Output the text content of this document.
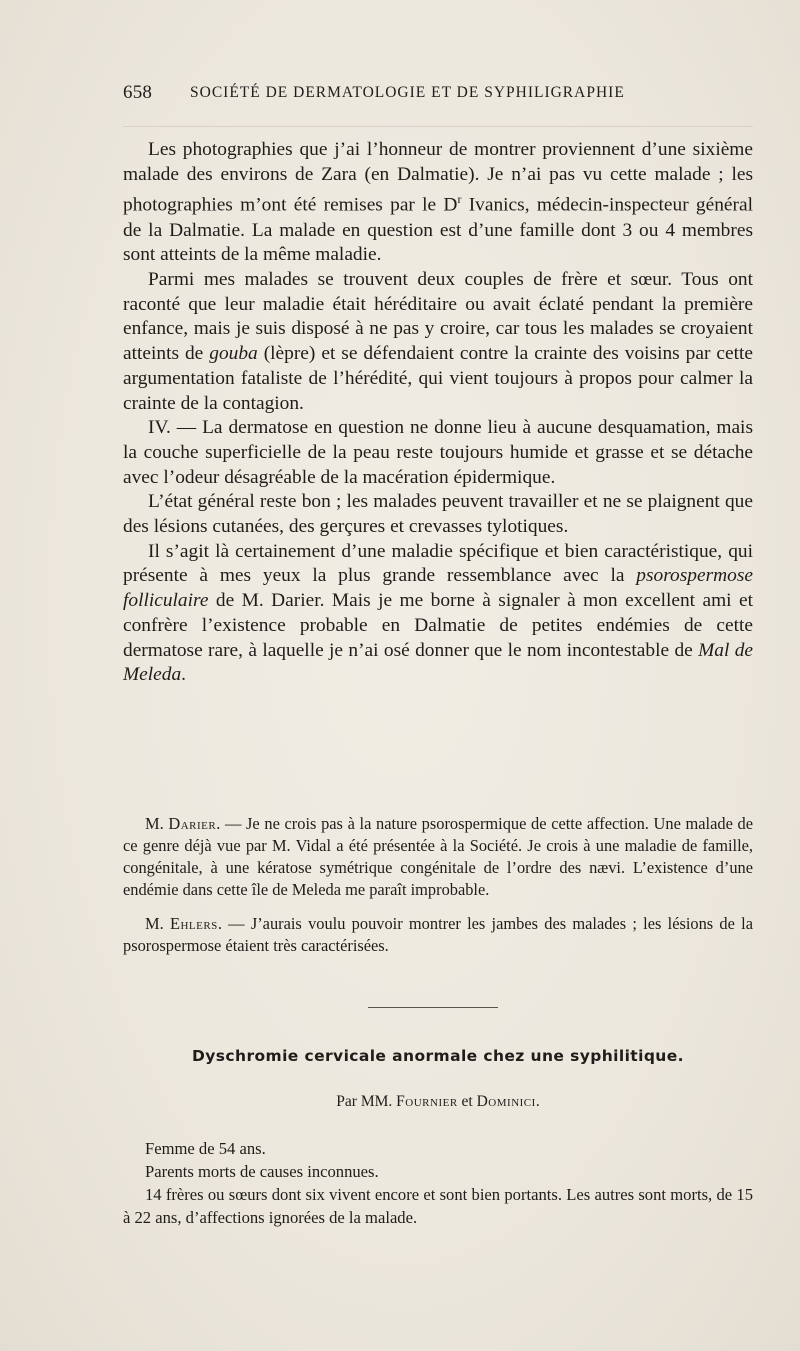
658 SOCIÉTÉ DE DERMATOLOGIE ET DE SYPHILIGRAPHIE

Les photographies que j’ai l’honneur de montrer proviennent d’une sixième malade des environs de Zara (en Dalmatie). Je n’ai pas vu cette malade ; les photographies m’ont été remises par le $D^r$ Ivanics, médecin-inspecteur général de la Dalmatie. La malade en question est d’une famille dont 3 ou 4 membres sont atteints de la même maladie.

Parmi mes malades se trouvent deux couples de frère et sœur. Tous ont raconté que leur maladie était héréditaire ou avait éclaté pendant la première enfance, mais je suis disposé à ne pas y croire, car tous les malades se croyaient atteints de gouba (lèpre) et se défendaient contre la crainte des voisins par cette argumentation fataliste de l’hérédité, qui vient toujours à propos pour calmer la crainte de la contagion.

IV. — La dermatose en question ne donne lieu à aucune desquamation, mais la couche superficielle de la peau reste toujours humide et grasse et se détache avec l’odeur désagréable de la macération épidermique.

L’état général reste bon ; les malades peuvent travailler et ne se plaignent que des lésions cutanées, des gerçures et crevasses tylotiques.

Il s’agit là certainement d’une maladie spécifique et bien caractéristique, qui présente à mes yeux la plus grande ressemblance avec la psorospermose folliculaire de M. Darier. Mais je me borne à signaler à mon excellent ami et confrère l’existence probable en Dalmatie de petites endémies de cette dermatose rare, à laquelle je n’ai osé donner que le nom incontestable de Mal de Meleda.

M. Darier. — Je ne crois pas à la nature psorospermique de cette affection. Une malade de ce genre déjà vue par M. Vidal a été présentée à la Société. Je crois à une maladie de famille, congénitale, à une kératose symétrique congénitale de l’ordre des nævi. L’existence d’une endémie dans cette île de Meleda me paraît improbable.

M. Ehlers. — J’aurais voulu pouvoir montrer les jambes des malades ; les lésions de la psorospermose étaient très caractérisées.

Dyschromie cervicale anormale chez une syphilitique.
Par MM. Fournier et Dominici.

Femme de 54 ans.

Parents morts de causes inconnues.

14 frères ou sœurs dont six vivent encore et sont bien portants. Les autres sont morts, de 15 à 22 ans, d’affections ignorées de la malade.
